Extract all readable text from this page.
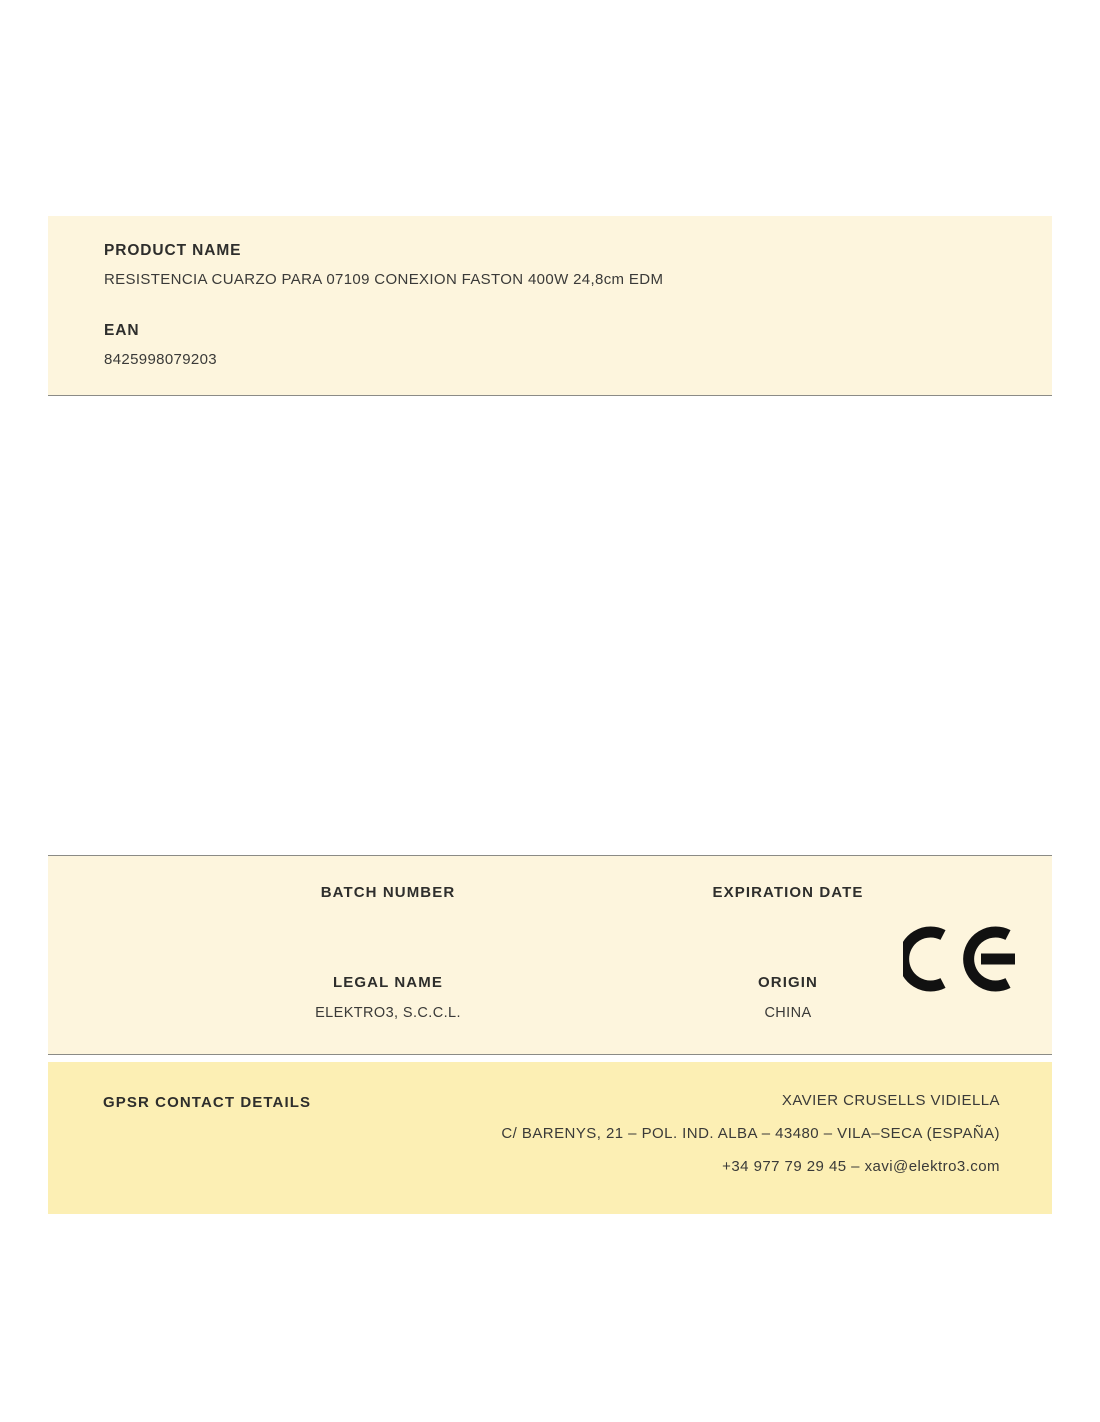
PRODUCT NAME

RESISTENCIA CUARZO PARA 07109 CONEXION FASTON 400W 24,8cm EDM

EAN

8425998079203

BATCH NUMBER	EXPIRATION DATE

LEGAL NAME

ELEKTRO3, S.C.C.L.

ORIGIN

CHINA

GPSR CONTACT DETAILS	XAVIER CRUSELLS VIDIELLA

C/ BARENYS, 21 – POL. IND. ALBA – 43480 – VILA–SECA (ESPAÑA)

+34 977 79 29 45 – xavi@elektro3.com
